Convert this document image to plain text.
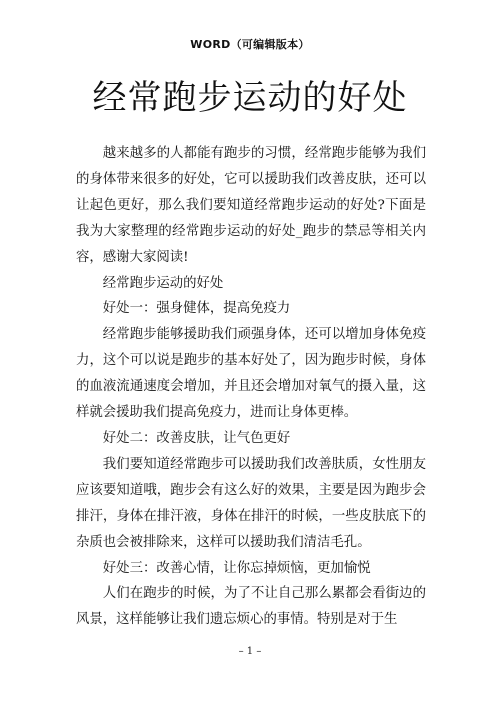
WORD（可编辑版本）
经常跑步运动的好处

越来越多的人都能有跑步的习惯，经常跑步能够为我们的身体带来很多的好处，它可以援助我们改善皮肤，还可以让起色更好，那么我们要知道经常跑步运动的好处?下面是我为大家整理的经常跑步运动的好处_跑步的禁忌等相关内容，感谢大家阅读!

经常跑步运动的好处

好处一：强身健体，提高免疫力

经常跑步能够援助我们顽强身体，还可以增加身体免疫力，这个可以说是跑步的基本好处了，因为跑步时候，身体的血液流通速度会增加，并且还会增加对氧气的摄入量，这样就会援助我们提高免疫力，进而让身体更棒。

好处二：改善皮肤，让气色更好

我们要知道经常跑步可以援助我们改善肤质，女性朋友应该要知道哦，跑步会有这么好的效果，主要是因为跑步会排汗，身体在排汗液，身体在排汗的时候，一些皮肤底下的杂质也会被排除来，这样可以援助我们清洁毛孔。

好处三：改善心情，让你忘掉烦恼，更加愉悦

人们在跑步的时候，为了不让自己那么累都会看街边的风景，这样能够让我们遗忘烦心的事情。特别是对于生

– 1 –
